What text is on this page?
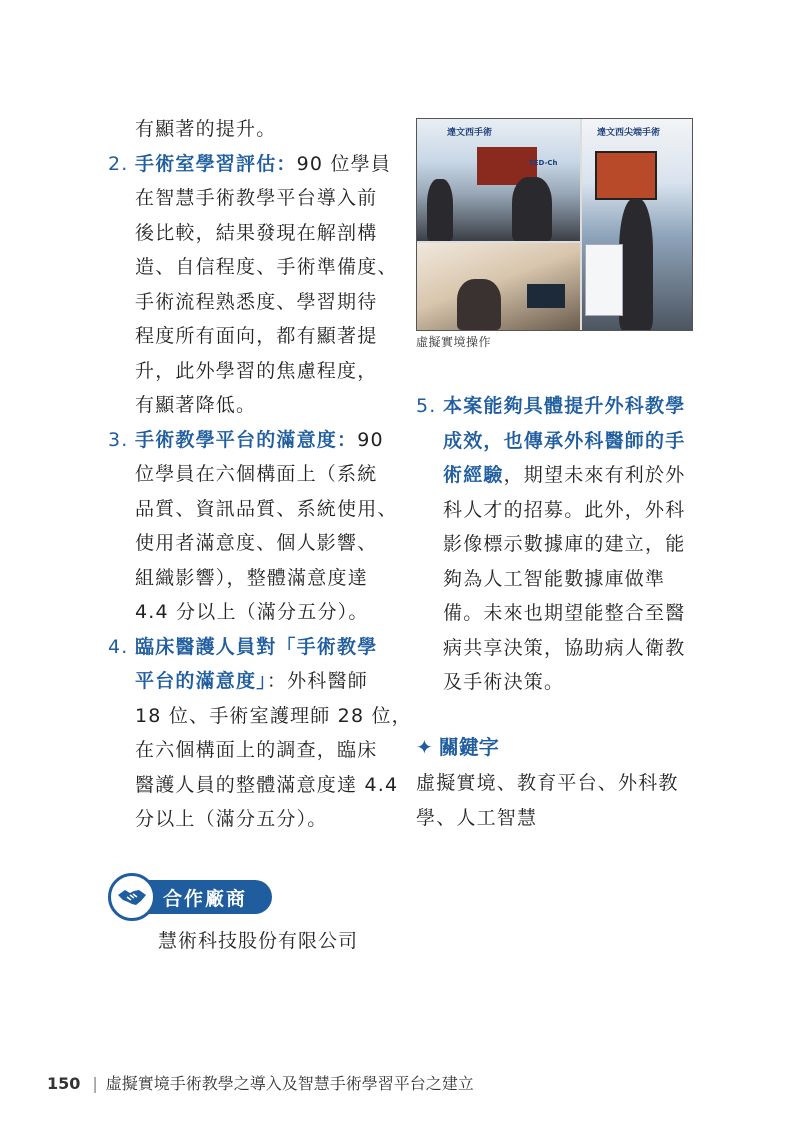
有顯著的提升。
2. 手術室學習評估：90 位學員
在智慧手術教學平台導入前
後比較，結果發現在解剖構
造、自信程度、手術準備度、
手術流程熟悉度、學習期待
程度所有面向，都有顯著提
升，此外學習的焦慮程度，
有顯著降低。
3. 手術教學平台的滿意度：90
位學員在六個構面上（系統
品質、資訊品質、系統使用、
使用者滿意度、個人影響、
組織影響），整體滿意度達
4.4 分以上（滿分五分）。
4. 臨床醫護人員對「手術教學
平台的滿意度」：外科醫師
18 位、手術室護理師 28 位，
在六個構面上的調查，臨床
醫護人員的整體滿意度達 4.4
分以上（滿分五分）。
達文西手術
TED-Ch
達文西尖端手術
虛擬實境操作
5. 本案能夠具體提升外科教學
成效，也傳承外科醫師的手
術經驗，期望未來有利於外
科人才的招募。此外，外科
影像標示數據庫的建立，能
夠為人工智能數據庫做準
備。未來也期望能整合至醫
病共享決策，協助病人衛教
及手術決策。
✦ 關鍵字
虛擬實境、教育平台、外科教
學、人工智慧
合作廠商
慧術科技股份有限公司
150 | 虛擬實境手術教學之導入及智慧手術學習平台之建立
